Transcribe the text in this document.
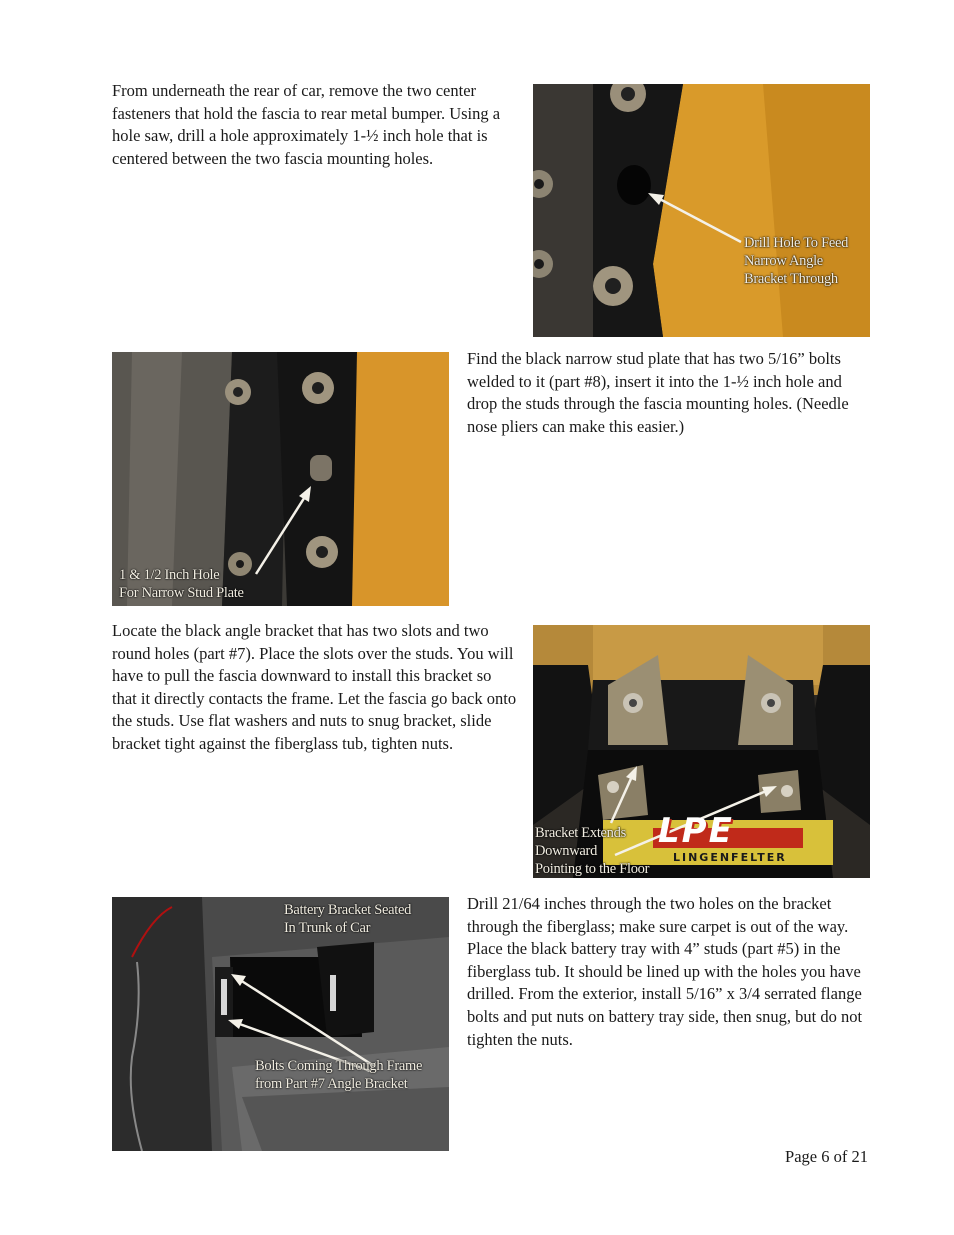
From underneath the rear of car, remove the two center fasteners that hold the fascia to rear metal bumper. Using a hole saw, drill a hole approximately 1-½ inch hole that is centered between the two fascia mounting holes.

Drill Hole To Feed
Narrow Angle
Bracket Through
1 & 1/2 Inch Hole
For Narrow Stud Plate

Find the black narrow stud plate that has two 5/16” bolts welded to it (part #8), insert it into the 1-½ inch hole and drop the studs through the fascia mounting holes. (Needle nose pliers can make this easier.)

Locate the black angle bracket that has two slots and two round holes (part #7). Place the slots over the studs. You will have to pull the fascia downward to install this bracket so that it directly contacts the frame. Let the fascia go back onto the studs. Use flat washers and nuts to snug bracket, slide bracket tight against the fiberglass tub, tighten nuts.

LPE
LINGENFELTER
Bracket Extends
Downward
Pointing to the Floor
Battery Bracket Seated
In Trunk of Car
Bolts Coming Through Frame
from Part #7 Angle Bracket

Drill 21/64 inches through the two holes on the bracket through the fiberglass; make sure carpet is out of the way. Place the black battery tray with 4” studs (part #5) in the fiberglass tub. It should be lined up with the holes you have drilled. From the exterior, install 5/16” x 3/4 serrated flange bolts and put nuts on battery tray side, then snug, but do not tighten the nuts.

Page 6 of 21
